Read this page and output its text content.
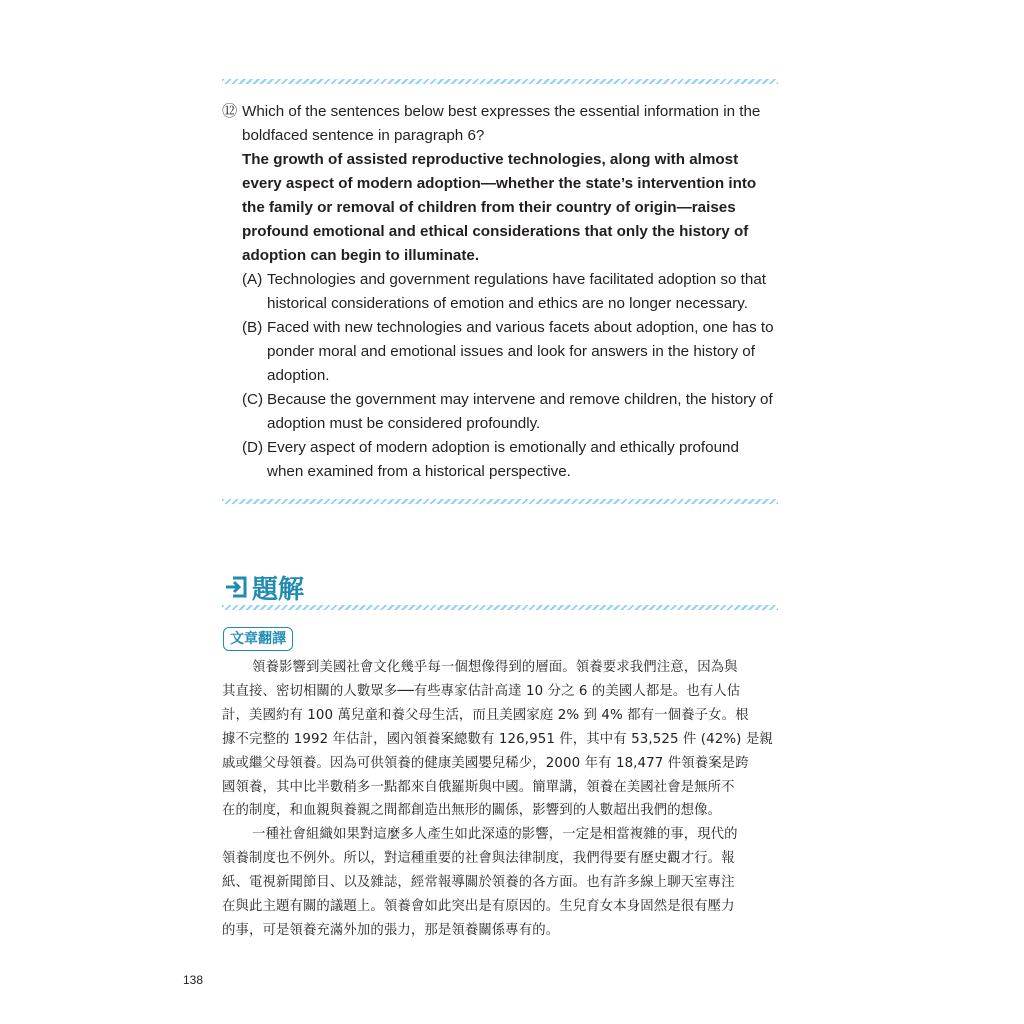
⑫ Which of the sentences below best expresses the essential information in the
boldfaced sentence in paragraph 6?
The growth of assisted reproductive technologies, along with almost
every aspect of modern adoption—whether the state’s intervention into
the family or removal of children from their country of origin—raises
profound emotional and ethical considerations that only the history of
adoption can begin to illuminate.
(A) Technologies and government regulations have facilitated adoption so that
historical considerations of emotion and ethics are no longer necessary.
(B) Faced with new technologies and various facets about adoption, one has to
ponder moral and emotional issues and look for answers in the history of
adoption.
(C) Because the government may intervene and remove children, the history of
adoption must be considered profoundly.
(D) Every aspect of modern adoption is emotionally and ethically profound
when examined from a historical perspective.
題解
文章翻譯
領養影響到美國社會文化幾乎每一個想像得到的層面。領養要求我們注意，因為與
其直接、密切相關的人數眾多──有些專家估計高達 10 分之 6 的美國人都是。也有人估
計，美國約有 100 萬兒童和養父母生活，而且美國家庭 2% 到 4% 都有一個養子女。根
據不完整的 1992 年估計，國內領養案總數有 126,951 件，其中有 53,525 件 (42%) 是親
戚或繼父母領養。因為可供領養的健康美國嬰兒稀少，2000 年有 18,477 件領養案是跨
國領養，其中比半數稍多一點都來自俄羅斯與中國。簡單講，領養在美國社會是無所不
在的制度，和血親與養親之間都創造出無形的關係，影響到的人數超出我們的想像。
一種社會組織如果對這麼多人產生如此深遠的影響，一定是相當複雜的事，現代的
領養制度也不例外。所以，對這種重要的社會與法律制度，我們得要有歷史觀才行。報
紙、電視新聞節目、以及雜誌，經常報導關於領養的各方面。也有許多線上聊天室專注
在與此主題有關的議題上。領養會如此突出是有原因的。生兒育女本身固然是很有壓力
的事，可是領養充滿外加的張力，那是領養關係專有的。
138
